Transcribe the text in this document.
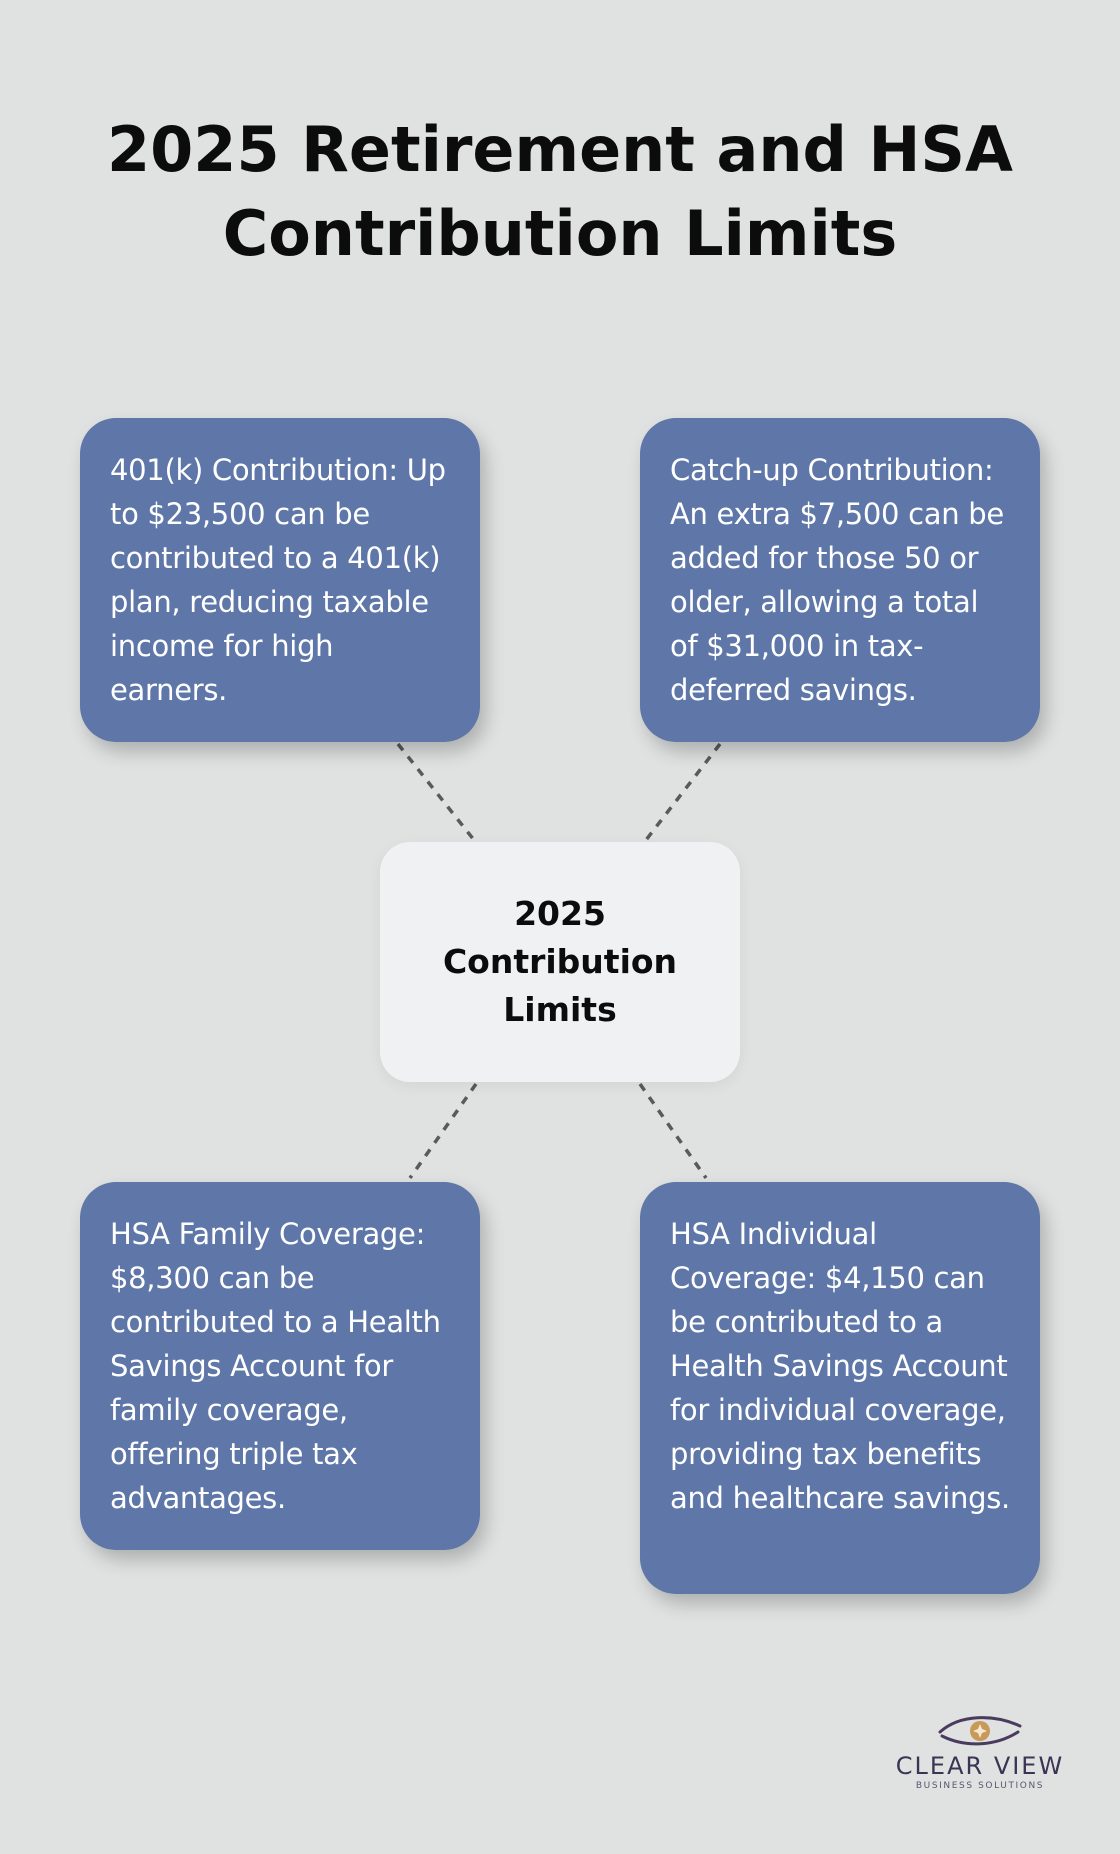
2025 Retirement and HSA
Contribution Limits
401(k) Contribution: Up to $23,500 can be contributed to a 401(k) plan, reducing taxable income for high earners.
Catch-up Contribution: An extra $7,500 can be added for those 50 or older, allowing a total of $31,000 in tax-deferred savings.
2025 Contribution Limits
HSA Family Coverage: $8,300 can be contributed to a Health Savings Account for family coverage, offering triple tax advantages.
HSA Individual Coverage: $4,150 can be contributed to a Health Savings Account for individual coverage, providing tax benefits and healthcare savings.
CLEAR VIEW
BUSINESS SOLUTIONS
